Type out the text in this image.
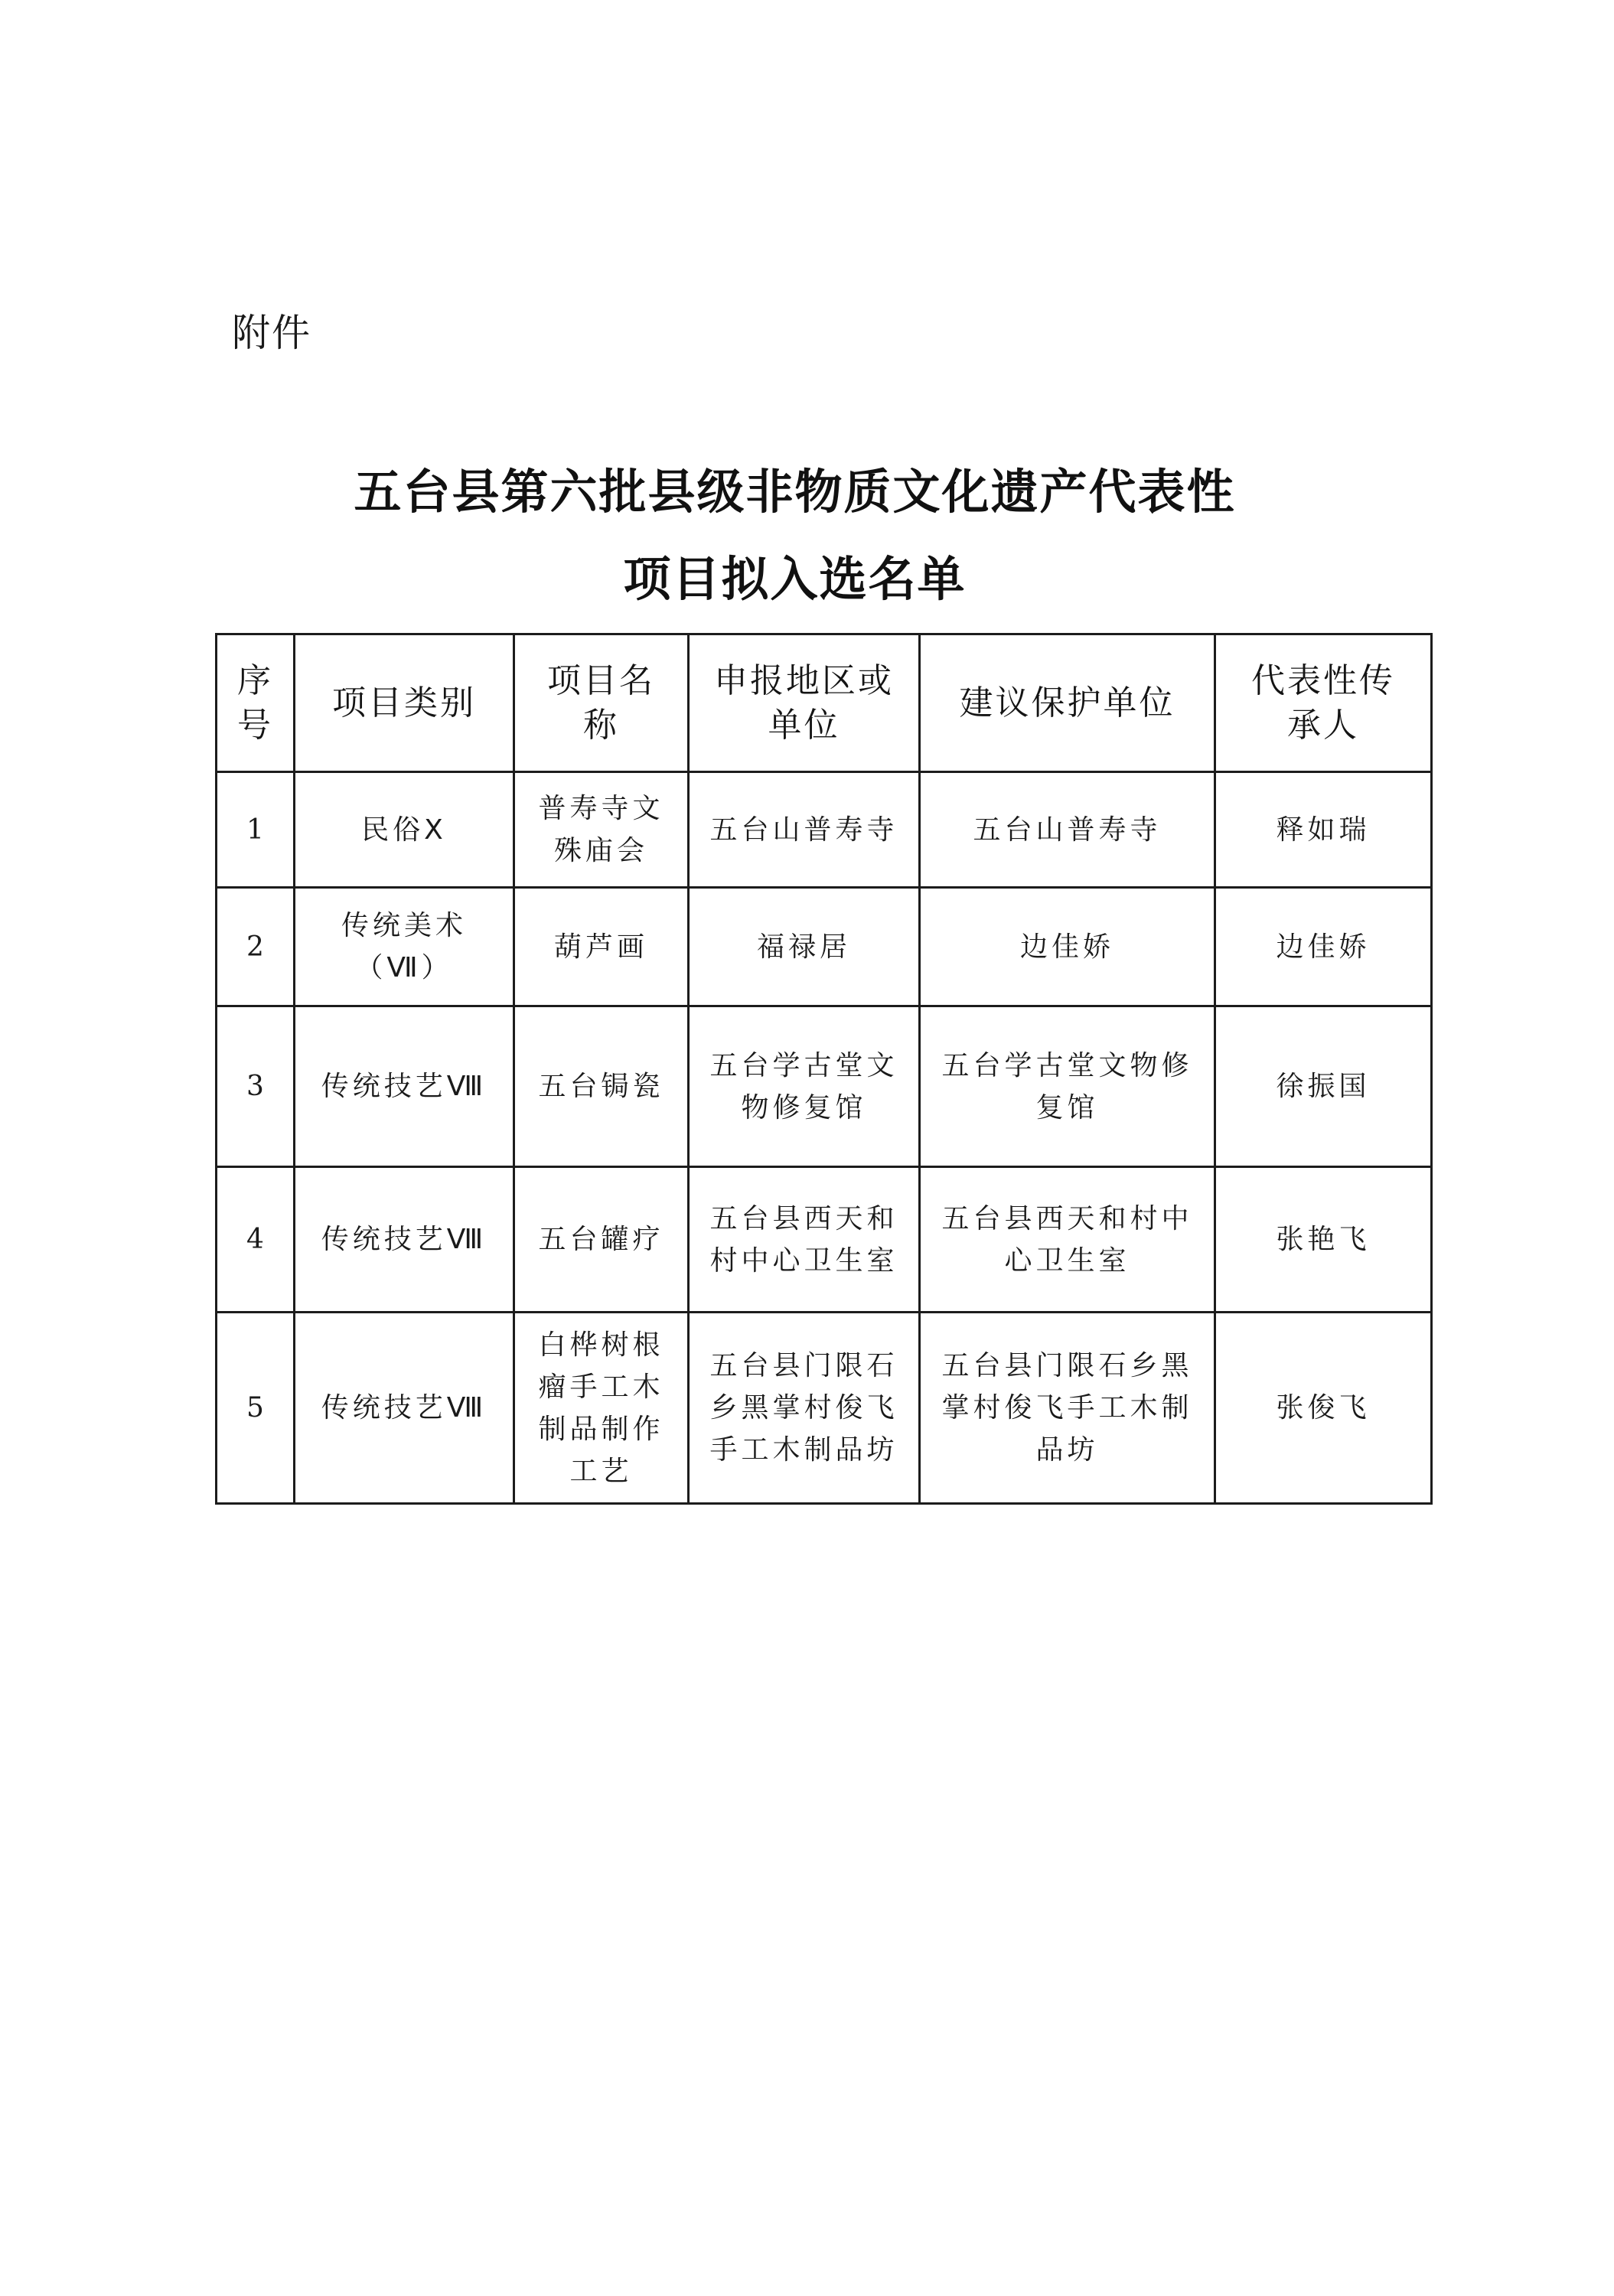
附件
五台县第六批县级非物质文化遗产代表性
项目拟入选名单
序
号	项目类别	项目名
称	申报地区或
单位	建议保护单位	代表性传
承人

1	民俗Ⅹ	普寿寺文
殊庙会	五台山普寿寺	五台山普寿寺	释如瑞

2	传统美术
（Ⅶ）	葫芦画	福禄居	边佳娇	边佳娇

3	传统技艺Ⅷ	五台锔瓷	五台学古堂文
物修复馆	五台学古堂文物修
复馆	徐振国

4	传统技艺Ⅷ	五台罐疗	五台县西天和
村中心卫生室	五台县西天和村中
心卫生室	张艳飞

5	传统技艺Ⅷ	白桦树根
瘤手工木
制品制作
工艺	五台县门限石
乡黑掌村俊飞
手工木制品坊	五台县门限石乡黑
掌村俊飞手工木制
品坊	张俊飞
